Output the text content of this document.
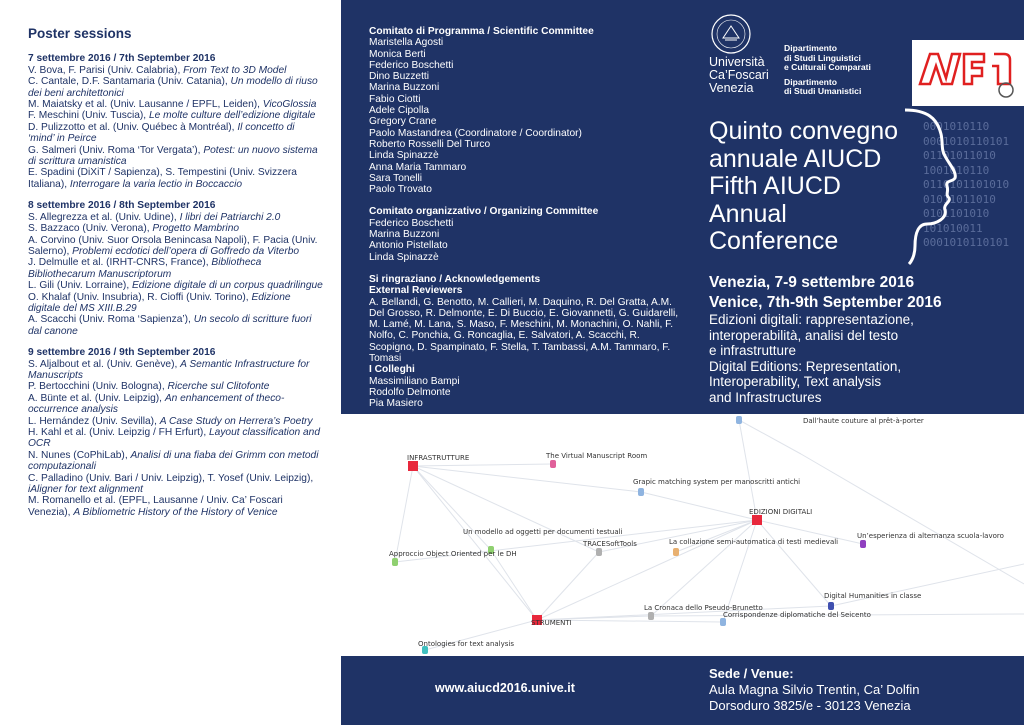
Poster sessions
7 settembre 2016 / 7th September 2016
V. Bova, F. Parisi (Univ. Calabria), From Text to 3D Model
C. Cantale, D.F. Santamaria (Univ. Catania), Un modello di riuso dei beni architettonici
M. Maiatsky et al. (Univ. Lausanne / EPFL, Leiden), VicoGlossia
F. Meschini (Univ. Tuscia), Le molte culture dell’edizione digitale
D. Pulizzotto et al. (Univ. Québec à Montréal), Il concetto di ‘mind’ in Peirce
G. Salmeri (Univ. Roma ‘Tor Vergata’), Potest: un nuovo sistema di scrittura umanistica
E. Spadini (DiXiT / Sapienza), S. Tempestini (Univ. Svizzera Italiana), Interrogare la varia lectio in Boccaccio
8 settembre 2016 / 8th September 2016
S. Allegrezza et al. (Univ. Udine), I libri dei Patriarchi 2.0
S. Bazzaco (Univ. Verona), Progetto Mambrino
A. Corvino (Univ. Suor Orsola Benincasa Napoli), F. Pacia (Univ. Salerno), Problemi ecdotici dell’opera di Goffredo da Viterbo
J. Delmulle et al. (IRHT-CNRS, France), Bibliotheca Bibliothecarum Manuscriptorum
L. Gili (Univ. Lorraine), Edizione digitale di un corpus quadrilingue
O. Khalaf (Univ. Insubria), R. Cioffi (Univ. Torino), Edizione digitale del MS XIII.B.29
A. Scacchi (Univ. Roma ‘Sapienza’), Un secolo di scritture fuori dal canone
9 settembre 2016 / 9th September 2016
S. Aljalbout et al. (Univ. Genève), A Semantic Infrastructure for Manuscripts
P. Bertocchini (Univ. Bologna), Ricerche sul Clitofonte
A. Bünte et al. (Univ. Leipzig), An enhancement of theco-occurrence analysis
L. Hernández (Univ. Sevilla), A Case Study on Herrera’s Poetry
H. Kahl et al. (Univ. Leipzig / FH Erfurt), Layout classification and OCR
N. Nunes (CoPhiLab), Analisi di una fiaba dei Grimm con metodi computazionali
C. Palladino (Univ. Bari / Univ. Leipzig), T. Yosef (Univ. Leipzig), iAligner for text alignment
M. Romanello et al. (EPFL, Lausanne / Univ. Ca’ Foscari Venezia), A Bibliometric History of the History of Venice
Comitato di Programma / Scientific Committee
Maristella Agosti
Monica Berti
Federico Boschetti
Dino Buzzetti
Marina Buzzoni
Fabio Ciotti
Adele Cipolla
Gregory Crane
Paolo Mastandrea (Coordinatore / Coordinator)
Roberto Rosselli Del Turco
Linda Spinazzè
Anna Maria Tammaro
Sara Tonelli
Paolo Trovato
Comitato organizzativo / Organizing Committee
Federico Boschetti
Marina Buzzoni
Antonio Pistellato
Linda Spinazzè
Si ringraziano / Acknowledgements
External Reviewers
A. Bellandi, G. Benotto, M. Callieri, M. Daquino, R. Del Gratta, A.M. Del Grosso, R. Delmonte, E. Di Buccio, E. Giovannetti, G. Guidarelli, M. Lamé, M. Lana, S. Maso, F. Meschini, M. Monachini, O. Nahli, F. Nolfo, C. Ponchia, G. Roncaglia, E. Salvatori, A. Scacchi, R. Scopigno, D. Spampinato, F. Stella, T. Tambassi, A.M. Tammaro, F. Tomasi
I Colleghi
Massimiliano Bampi
Rodolfo Delmonte
Pia Masiero
Università
Ca’Foscari
Venezia
Dipartimento
di Studi Linguistici
e Culturali Comparati
Dipartimento
di Studi Umanistici
Quinto convegno
annuale AIUCD
Fifth AIUCD
Annual
Conference
0001010110
0001010110101
01101011010
1001010110
0110101101010
01011011010
0101101010
101010011
0001010110101
Venezia, 7-9 settembre 2016
Venice, 7th-9th September 2016
Edizioni digitali: rappresentazione,
interoperabilità, analisi del testo
e infrastrutture
Digital Editions: Representation,
Interoperability, Text analysis
and Infrastructures
INFRASTRUTTURE	The Virtual Manuscript Room
Dall’haute couture al prêt-à-porter
Grapic matching system per manoscritti antichi
EDIZIONI DIGITALI
Un modello ad oggetti per documenti testuali
Approccio Object Oriented per le DH
TRACESoftTools	La collazione semi-automatica di testi medievali
Un’esperienza di alternanza scuola-lavoro
Digital Humanities in classe
La Cronaca dello Pseudo-Brunetto
Corrispondenze diplomatiche del Seicento
STRUMENTI
Ontologies for text analysis
www.aiucd2016.unive.it
Sede / Venue:
Aula Magna Silvio Trentin, Ca’ Dolfin
Dorsoduro 3825/e - 30123 Venezia
